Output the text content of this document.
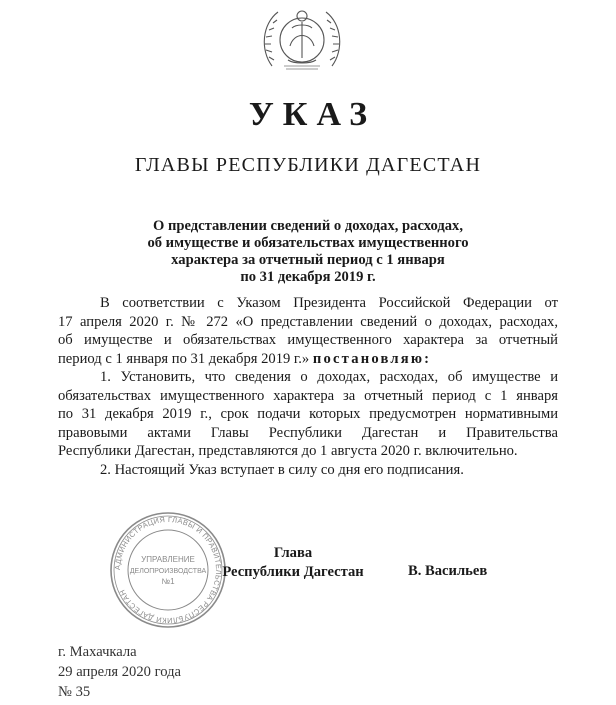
УКАЗ
ГЛАВЫ РЕСПУБЛИКИ ДАГЕСТАН
О представлении сведений о доходах, расходах,
об имуществе и обязательствах имущественного
характера за отчетный период с 1 января
по 31 декабря 2019 г.
В соответствии с Указом Президента Российской Федерации от
17 апреля 2020 г. № 272 «О представлении сведений о доходах, расходах,
об имуществе и обязательствах имущественного характера за отчетный
период с 1 января по 31 декабря 2019 г.» постановляю:
1. Установить, что сведения о доходах, расходах, об имуществе и
обязательствах имущественного характера за отчетный период с 1 января
по 31 декабря 2019 г., срок подачи которых предусмотрен нормативными
правовыми актами Главы Республики Дагестан и Правительства
Республики Дагестан, представляются до 1 августа 2020 г. включительно.
2. Настоящий Указ вступает в силу со дня его подписания.
АДМИНИСТРАЦИЯ ГЛАВЫ И ПРАВИТЕЛЬСТВА РЕСПУБЛИКИ ДАГЕСТАН
УПРАВЛЕНИЕ
ДЕЛОПРОИЗВОДСТВА
№1
Глава
Республики Дагестан	В. Васильев
г. Махачкала
29 апреля 2020 года
№ 35
